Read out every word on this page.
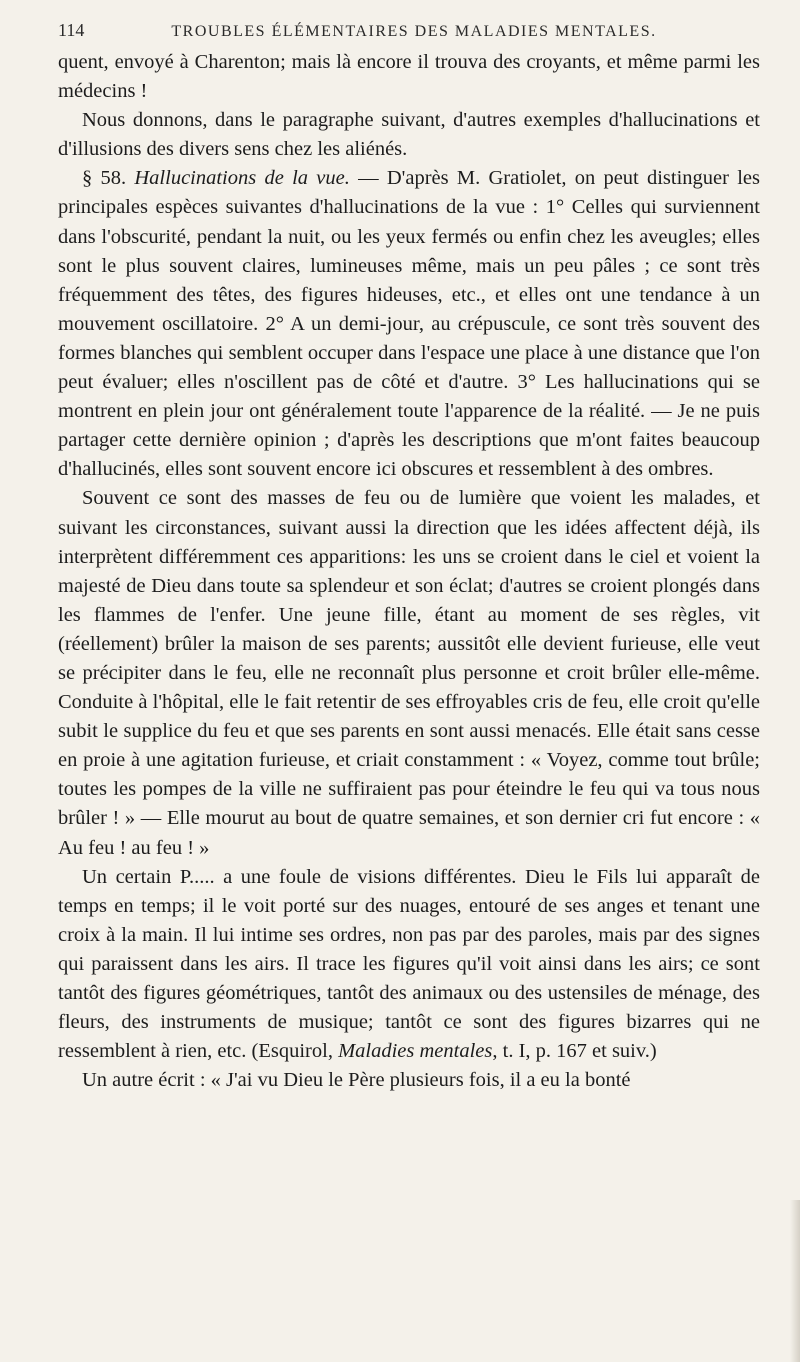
114	TROUBLES ÉLÉMENTAIRES DES MALADIES MENTALES.

quent, envoyé à Charenton; mais là encore il trouva des croyants, et même parmi les médecins !

Nous donnons, dans le paragraphe suivant, d'autres exemples d'hallucinations et d'illusions des divers sens chez les aliénés.

§ 58. Hallucinations de la vue. — D'après M. Gratiolet, on peut distinguer les principales espèces suivantes d'hallucinations de la vue : 1° Celles qui surviennent dans l'obscurité, pendant la nuit, ou les yeux fermés ou enfin chez les aveugles; elles sont le plus souvent claires, lumineuses même, mais un peu pâles ; ce sont très fréquemment des têtes, des figures hideuses, etc., et elles ont une tendance à un mouvement oscillatoire. 2° A un demi-jour, au crépuscule, ce sont très souvent des formes blanches qui semblent occuper dans l'espace une place à une distance que l'on peut évaluer; elles n'oscillent pas de côté et d'autre. 3° Les hallucinations qui se montrent en plein jour ont généralement toute l'apparence de la réalité. — Je ne puis partager cette dernière opinion ; d'après les descriptions que m'ont faites beaucoup d'hallucinés, elles sont souvent encore ici obscures et ressemblent à des ombres.

Souvent ce sont des masses de feu ou de lumière que voient les malades, et suivant les circonstances, suivant aussi la direction que les idées affectent déjà, ils interprètent différemment ces apparitions: les uns se croient dans le ciel et voient la majesté de Dieu dans toute sa splendeur et son éclat; d'autres se croient plongés dans les flammes de l'enfer. Une jeune fille, étant au moment de ses règles, vit (réellement) brûler la maison de ses parents; aussitôt elle devient furieuse, elle veut se précipiter dans le feu, elle ne reconnaît plus personne et croit brûler elle-même. Conduite à l'hôpital, elle le fait retentir de ses effroyables cris de feu, elle croit qu'elle subit le supplice du feu et que ses parents en sont aussi menacés. Elle était sans cesse en proie à une agitation furieuse, et criait constamment : « Voyez, comme tout brûle; toutes les pompes de la ville ne suffiraient pas pour éteindre le feu qui va tous nous brûler ! » — Elle mourut au bout de quatre semaines, et son dernier cri fut encore : « Au feu ! au feu ! »

Un certain P..... a une foule de visions différentes. Dieu le Fils lui apparaît de temps en temps; il le voit porté sur des nuages, entouré de ses anges et tenant une croix à la main. Il lui intime ses ordres, non pas par des paroles, mais par des signes qui paraissent dans les airs. Il trace les figures qu'il voit ainsi dans les airs; ce sont tantôt des figures géométriques, tantôt des animaux ou des ustensiles de ménage, des fleurs, des instruments de musique; tantôt ce sont des figures bizarres qui ne ressemblent à rien, etc. (Esquirol, Maladies mentales, t. I, p. 167 et suiv.)

Un autre écrit : « J'ai vu Dieu le Père plusieurs fois, il a eu la bonté
